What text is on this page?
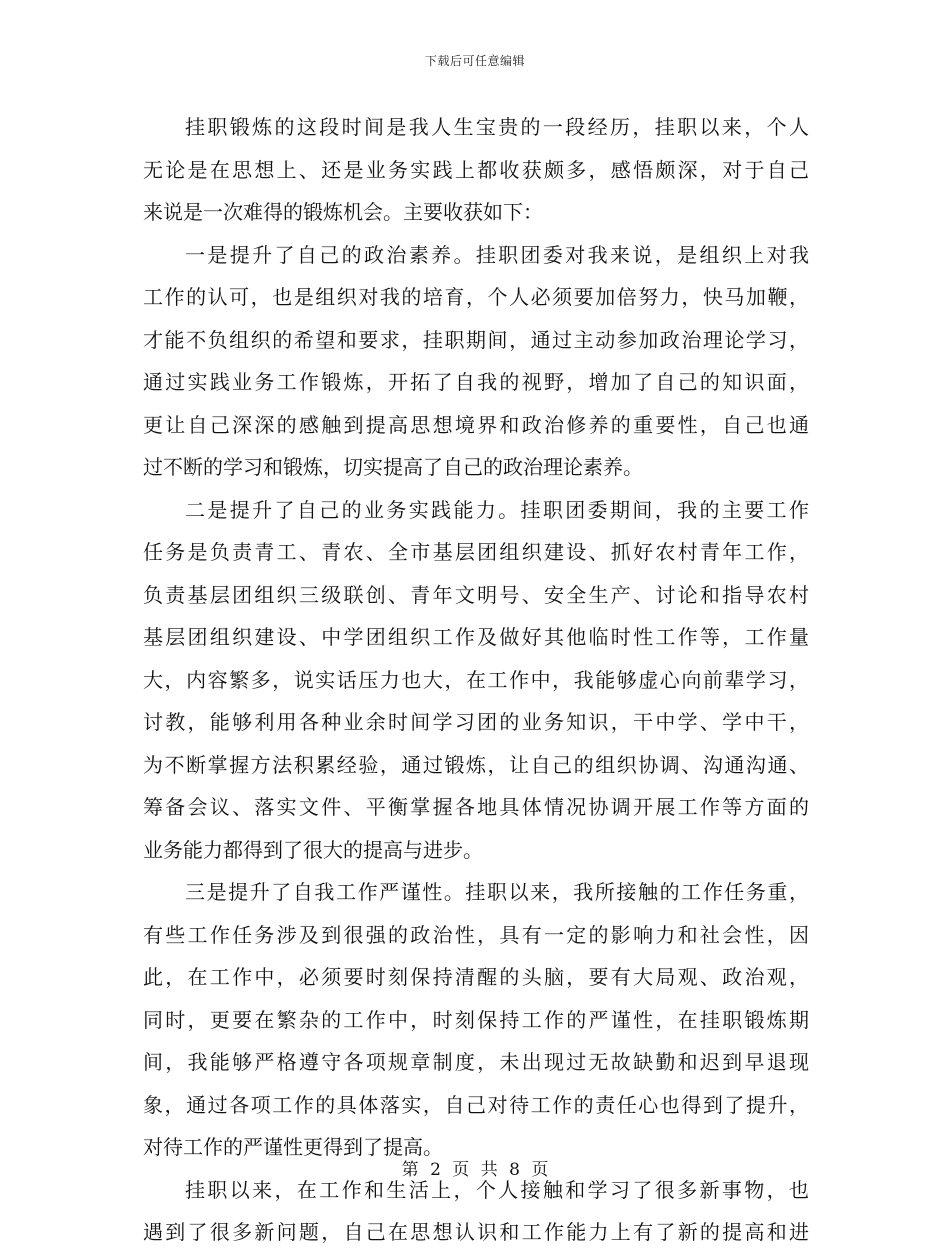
下载后可任意编辑
挂职锻炼的这段时间是我人生宝贵的一段经历，挂职以来，个人
无论是在思想上、还是业务实践上都收获颇多，感悟颇深，对于自己
来说是一次难得的锻炼机会。主要收获如下：
一是提升了自己的政治素养。挂职团委对我来说，是组织上对我
工作的认可，也是组织对我的培育，个人必须要加倍努力，快马加鞭，
才能不负组织的希望和要求，挂职期间，通过主动参加政治理论学习，
通过实践业务工作锻炼，开拓了自我的视野，增加了自己的知识面，
更让自己深深的感触到提高思想境界和政治修养的重要性，自己也通
过不断的学习和锻炼，切实提高了自己的政治理论素养。
二是提升了自己的业务实践能力。挂职团委期间，我的主要工作
任务是负责青工、青农、全市基层团组织建设、抓好农村青年工作，
负责基层团组织三级联创、青年文明号、安全生产、讨论和指导农村
基层团组织建设、中学团组织工作及做好其他临时性工作等，工作量
大，内容繁多，说实话压力也大，在工作中，我能够虚心向前辈学习，
讨教，能够利用各种业余时间学习团的业务知识，干中学、学中干，
为不断掌握方法积累经验，通过锻炼，让自己的组织协调、沟通沟通、
筹备会议、落实文件、平衡掌握各地具体情况协调开展工作等方面的
业务能力都得到了很大的提高与进步。
三是提升了自我工作严谨性。挂职以来，我所接触的工作任务重，
有些工作任务涉及到很强的政治性，具有一定的影响力和社会性，因
此，在工作中，必须要时刻保持清醒的头脑，要有大局观、政治观，
同时，更要在繁杂的工作中，时刻保持工作的严谨性，在挂职锻炼期
间，我能够严格遵守各项规章制度，未出现过无故缺勤和迟到早退现
象，通过各项工作的具体落实，自己对待工作的责任心也得到了提升，
对待工作的严谨性更得到了提高。
挂职以来，在工作和生活上，个人接触和学习了很多新事物，也
遇到了很多新问题，自己在思想认识和工作能力上有了新的提高和进
第 2 页 共 8 页
